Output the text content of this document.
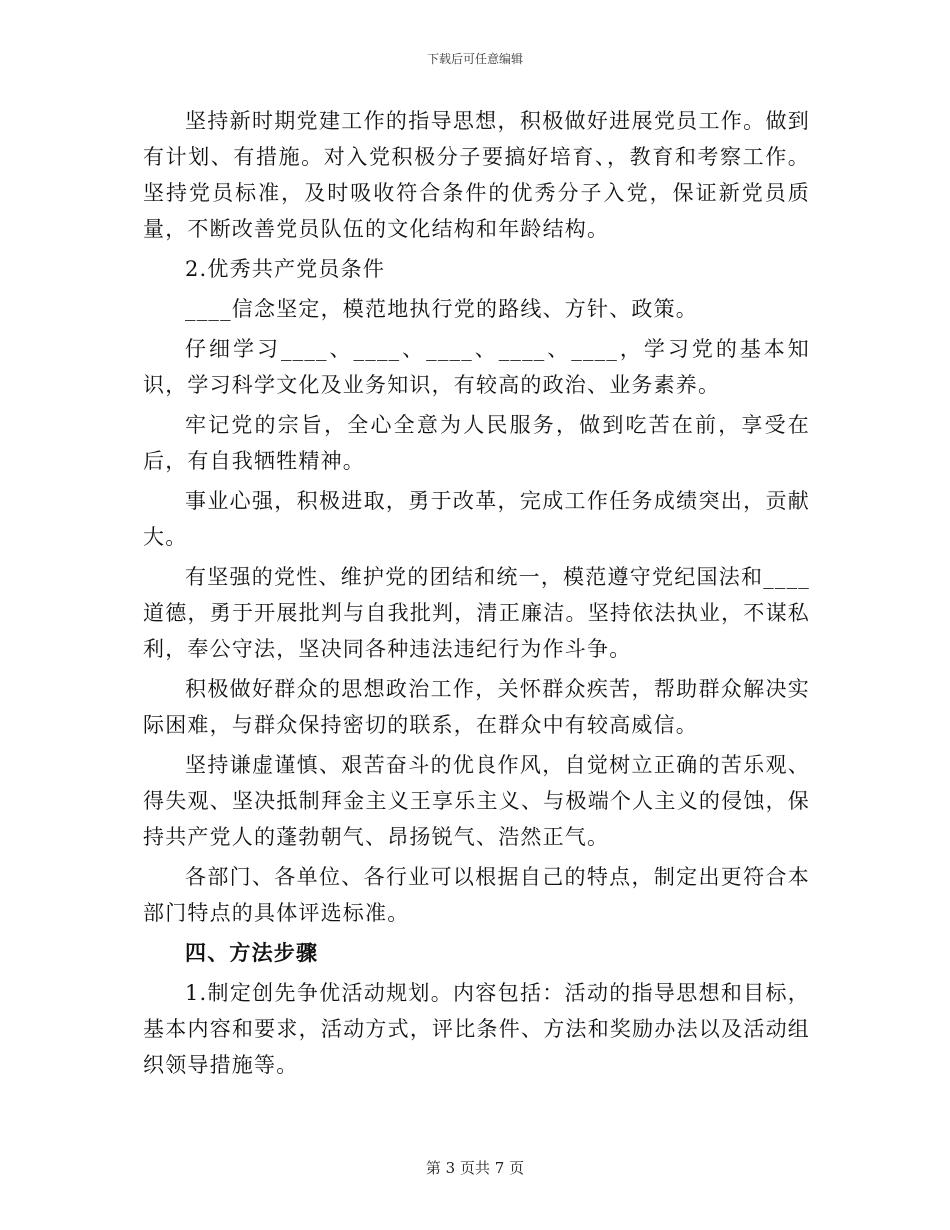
下载后可任意编辑

坚持新时期党建工作的指导思想，积极做好进展党员工作。做到有计划、有措施。对入党积极分子要搞好培育、，教育和考察工作。坚持党员标准，及时吸收符合条件的优秀分子入党，保证新党员质量，不断改善党员队伍的文化结构和年龄结构。

2.优秀共产党员条件

____信念坚定，模范地执行党的路线、方针、政策。

仔细学习____、____、____、____、____，学习党的基本知识，学习科学文化及业务知识，有较高的政治、业务素养。

牢记党的宗旨，全心全意为人民服务，做到吃苦在前，享受在后，有自我牺牲精神。

事业心强，积极进取，勇于改革，完成工作任务成绩突出，贡献大。

有坚强的党性、维护党的团结和统一，模范遵守党纪国法和____道德，勇于开展批判与自我批判，清正廉洁。坚持依法执业，不谋私利，奉公守法，坚决同各种违法违纪行为作斗争。

积极做好群众的思想政治工作，关怀群众疾苦，帮助群众解决实际困难，与群众保持密切的联系，在群众中有较高威信。

坚持谦虚谨慎、艰苦奋斗的优良作风，自觉树立正确的苦乐观、得失观、坚决抵制拜金主义王享乐主义、与极端个人主义的侵蚀，保持共产党人的蓬勃朝气、昂扬锐气、浩然正气。

各部门、各单位、各行业可以根据自己的特点，制定出更符合本部门特点的具体评选标准。

四、方法步骤

1.制定创先争优活动规划。内容包括：活动的指导思想和目标，基本内容和要求，活动方式，评比条件、方法和奖励办法以及活动组织领导措施等。

第 3 页共 7 页
